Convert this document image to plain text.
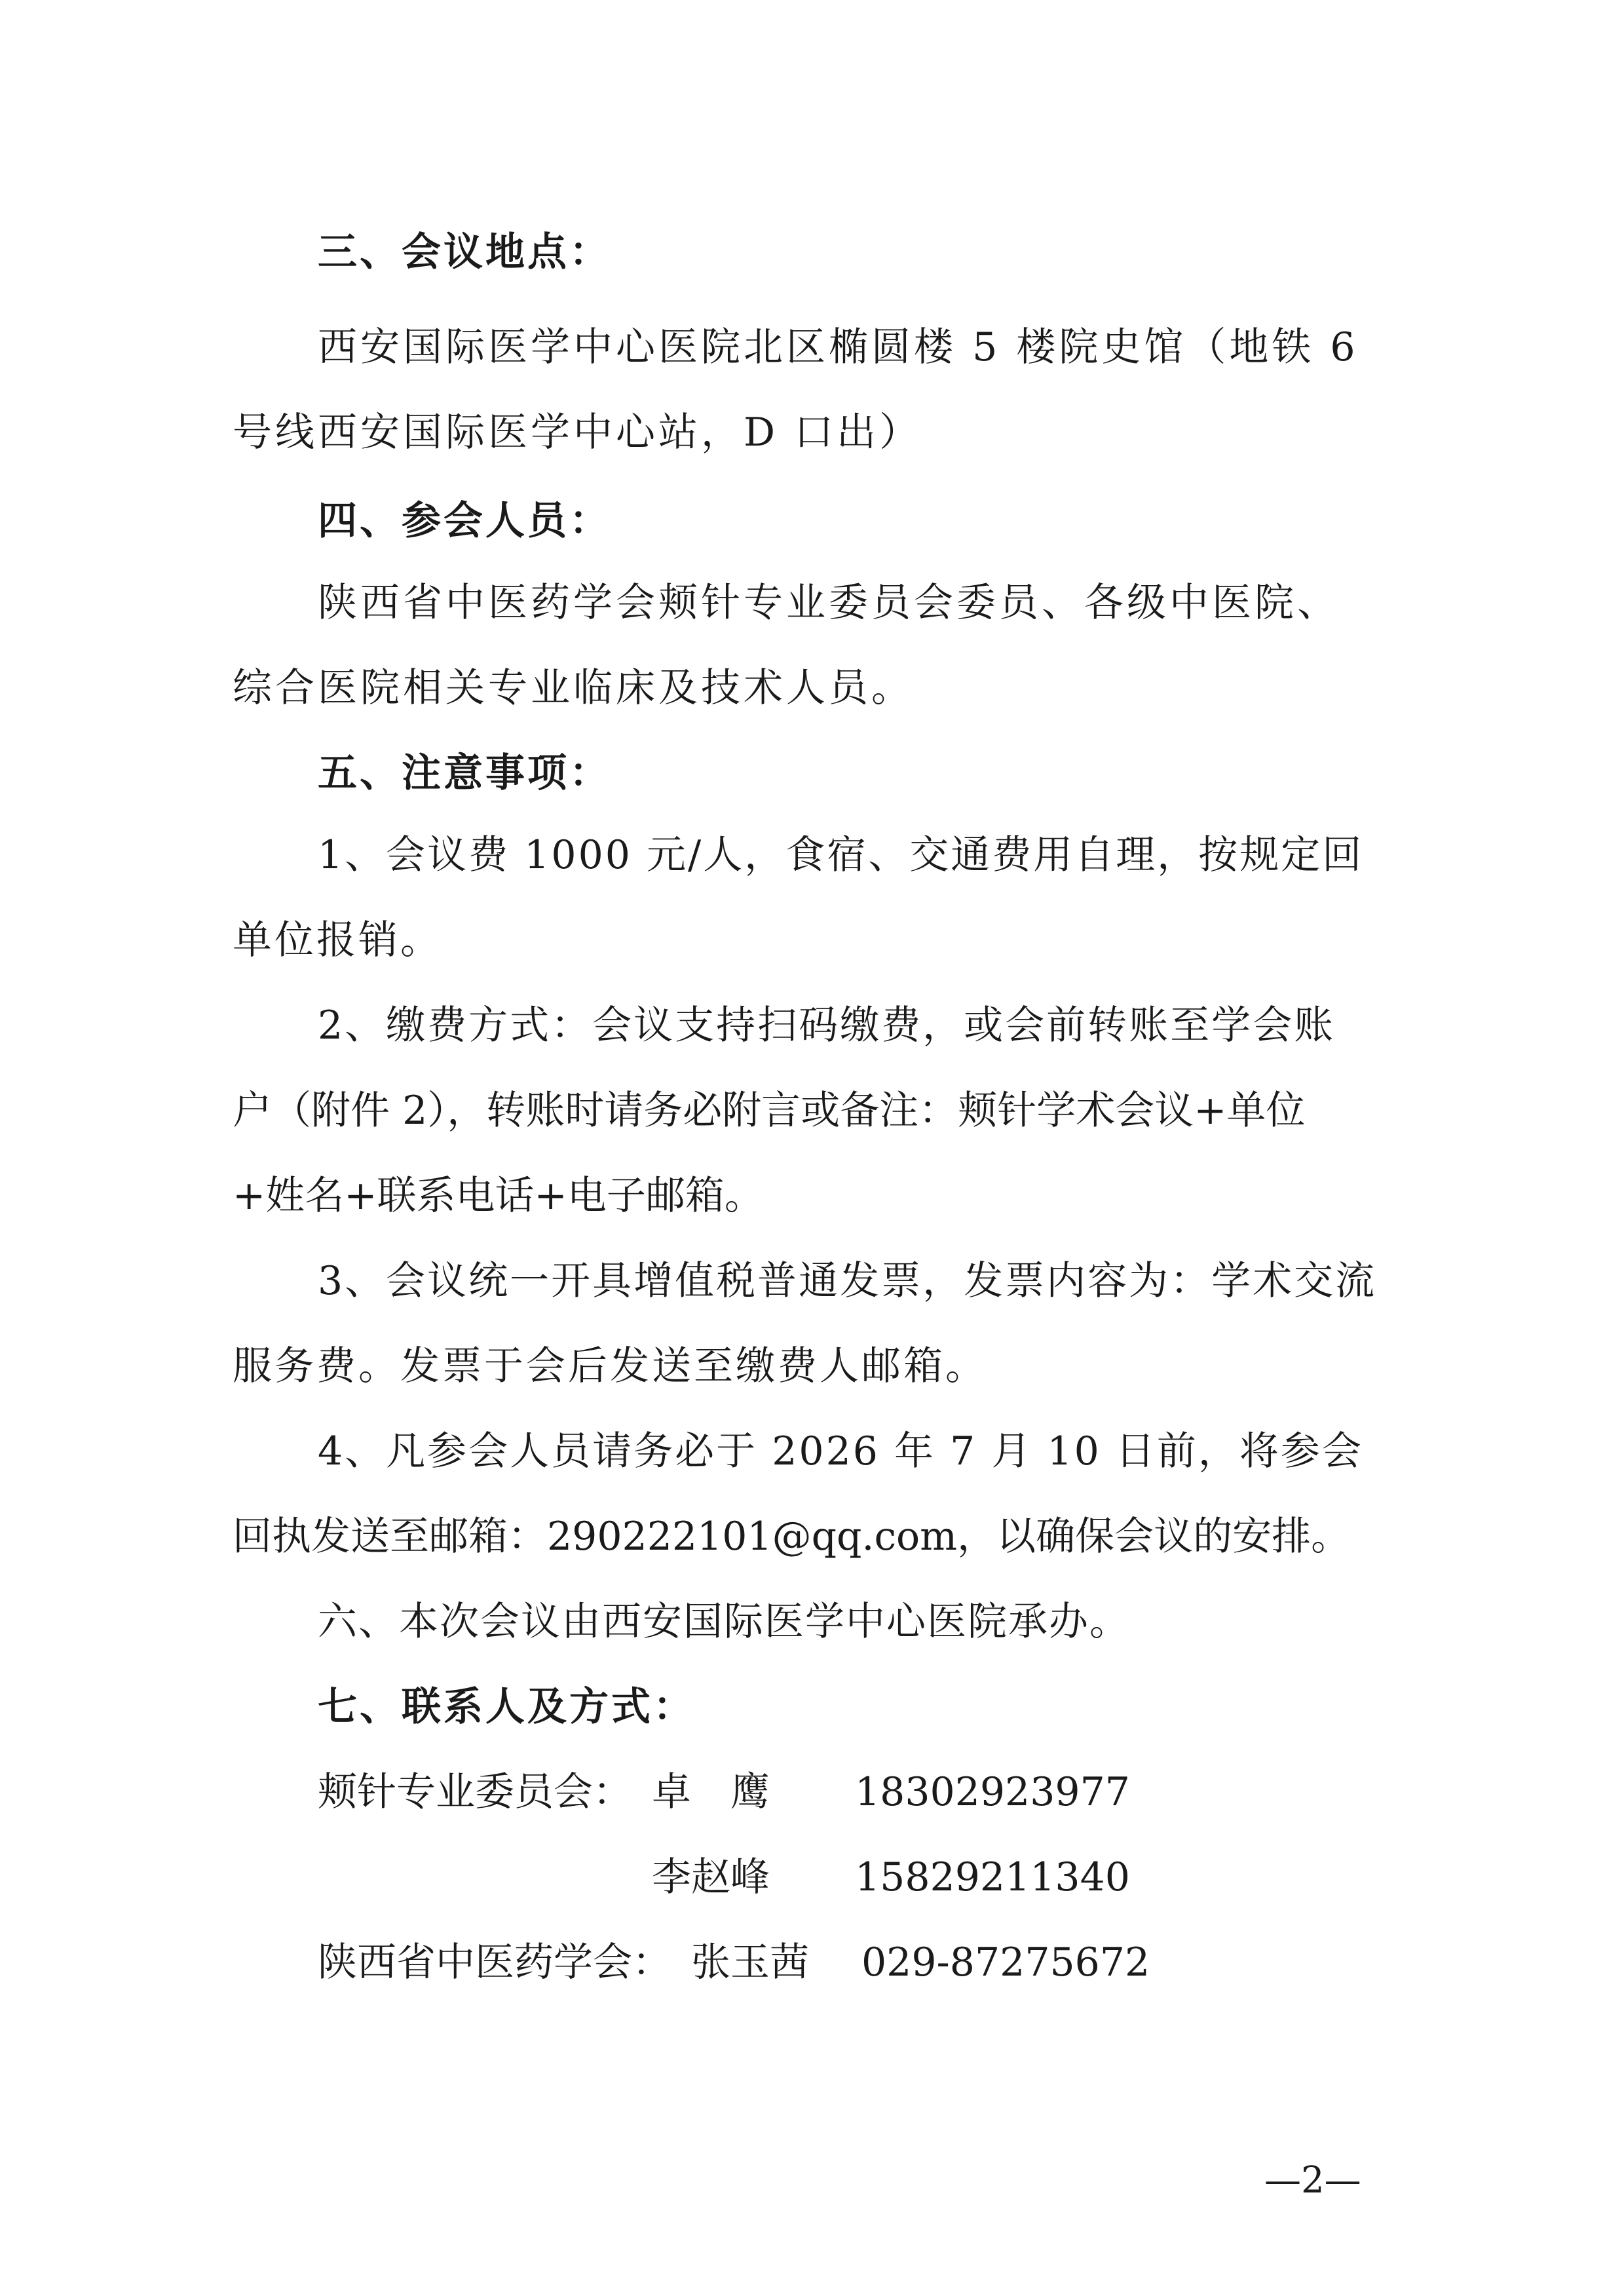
三、会议地点：
西安国际医学中心医院北区椭圆楼 5 楼院史馆（地铁 6
号线西安国际医学中心站，D 口出）
四、参会人员：
陕西省中医药学会颊针专业委员会委员、各级中医院、
综合医院相关专业临床及技术人员。
五、注意事项：
1、会议费 1000 元/人，食宿、交通费用自理，按规定回
单位报销。
2、缴费方式：会议支持扫码缴费，或会前转账至学会账
户（附件 2），转账时请务必附言或备注：颊针学术会议+单位
+姓名+联系电话+电子邮箱。
3、会议统一开具增值税普通发票，发票内容为：学术交流
服务费。发票于会后发送至缴费人邮箱。
4、凡参会人员请务必于 2026 年 7 月 10 日前，将参会
回执发送至邮箱：290222101@qq.com，以确保会议的安排。
六、本次会议由西安国际医学中心医院承办。
七、联系人及方式：
颊针专业委员会： 卓　鹰 18302923977
李赵峰 15829211340
陕西省中医药学会： 张玉茜 029-87275672
—2—
